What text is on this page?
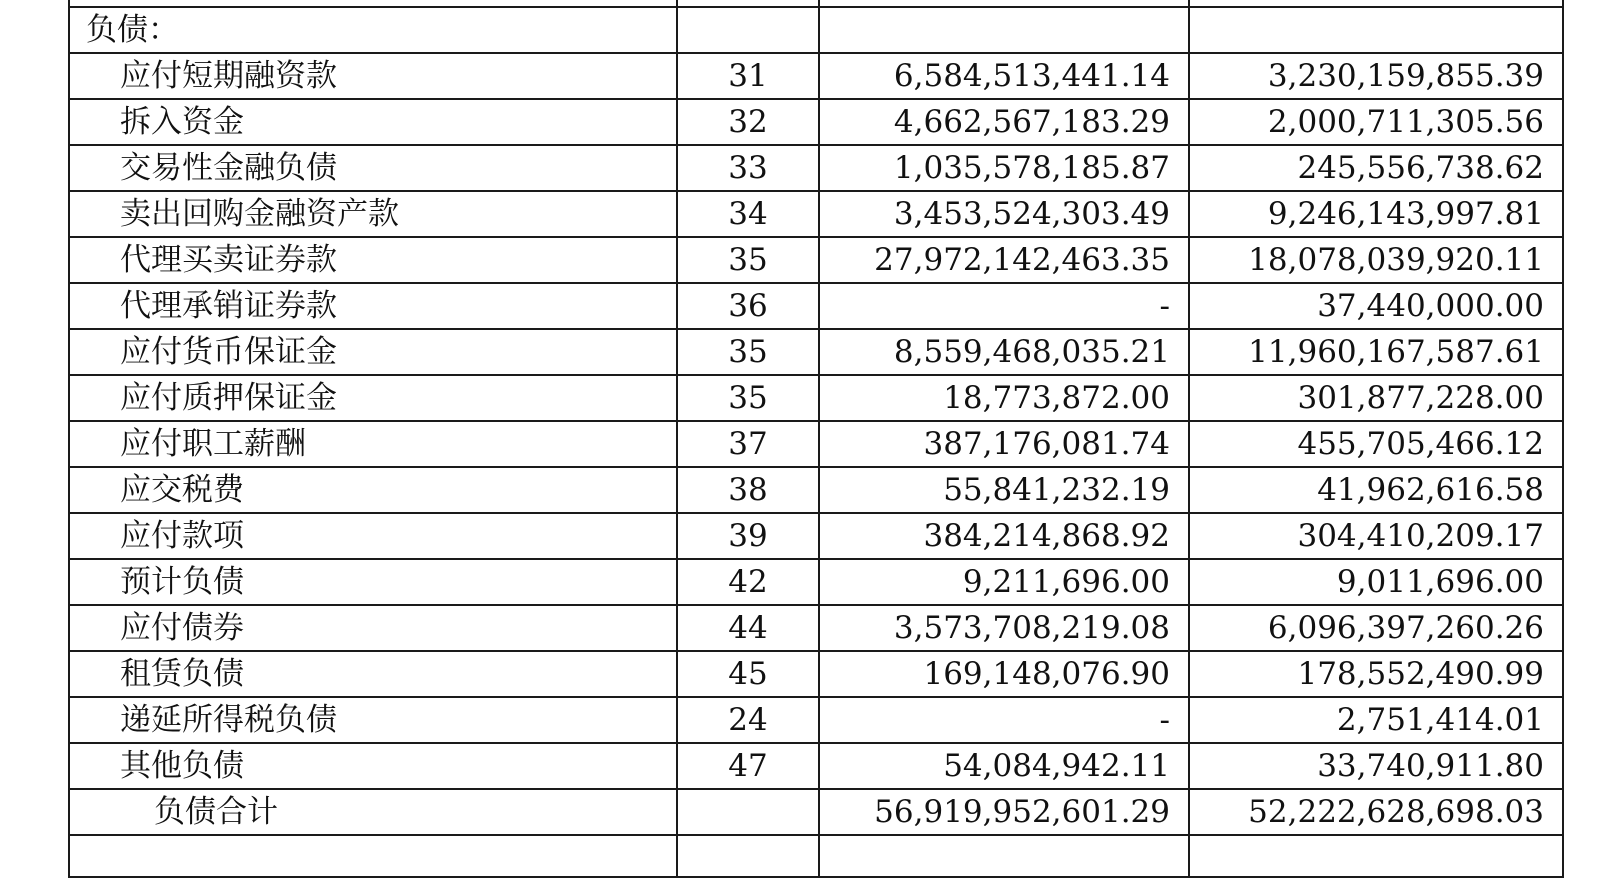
负债：			
应付短期融资款	31	6,584,513,441.14	3,230,159,855.39
拆入资金	32	4,662,567,183.29	2,000,711,305.56
交易性金融负债	33	1,035,578,185.87	245,556,738.62
卖出回购金融资产款	34	3,453,524,303.49	9,246,143,997.81
代理买卖证券款	35	27,972,142,463.35	18,078,039,920.11
代理承销证券款	36	-	37,440,000.00
应付货币保证金	35	8,559,468,035.21	11,960,167,587.61
应付质押保证金	35	18,773,872.00	301,877,228.00
应付职工薪酬	37	387,176,081.74	455,705,466.12
应交税费	38	55,841,232.19	41,962,616.58
应付款项	39	384,214,868.92	304,410,209.17
预计负债	42	9,211,696.00	9,011,696.00
应付债券	44	3,573,708,219.08	6,096,397,260.26
租赁负债	45	169,148,076.90	178,552,490.99
递延所得税负债	24	-	2,751,414.01
其他负债	47	54,084,942.11	33,740,911.80
负债合计		56,919,952,601.29	52,222,628,698.03
